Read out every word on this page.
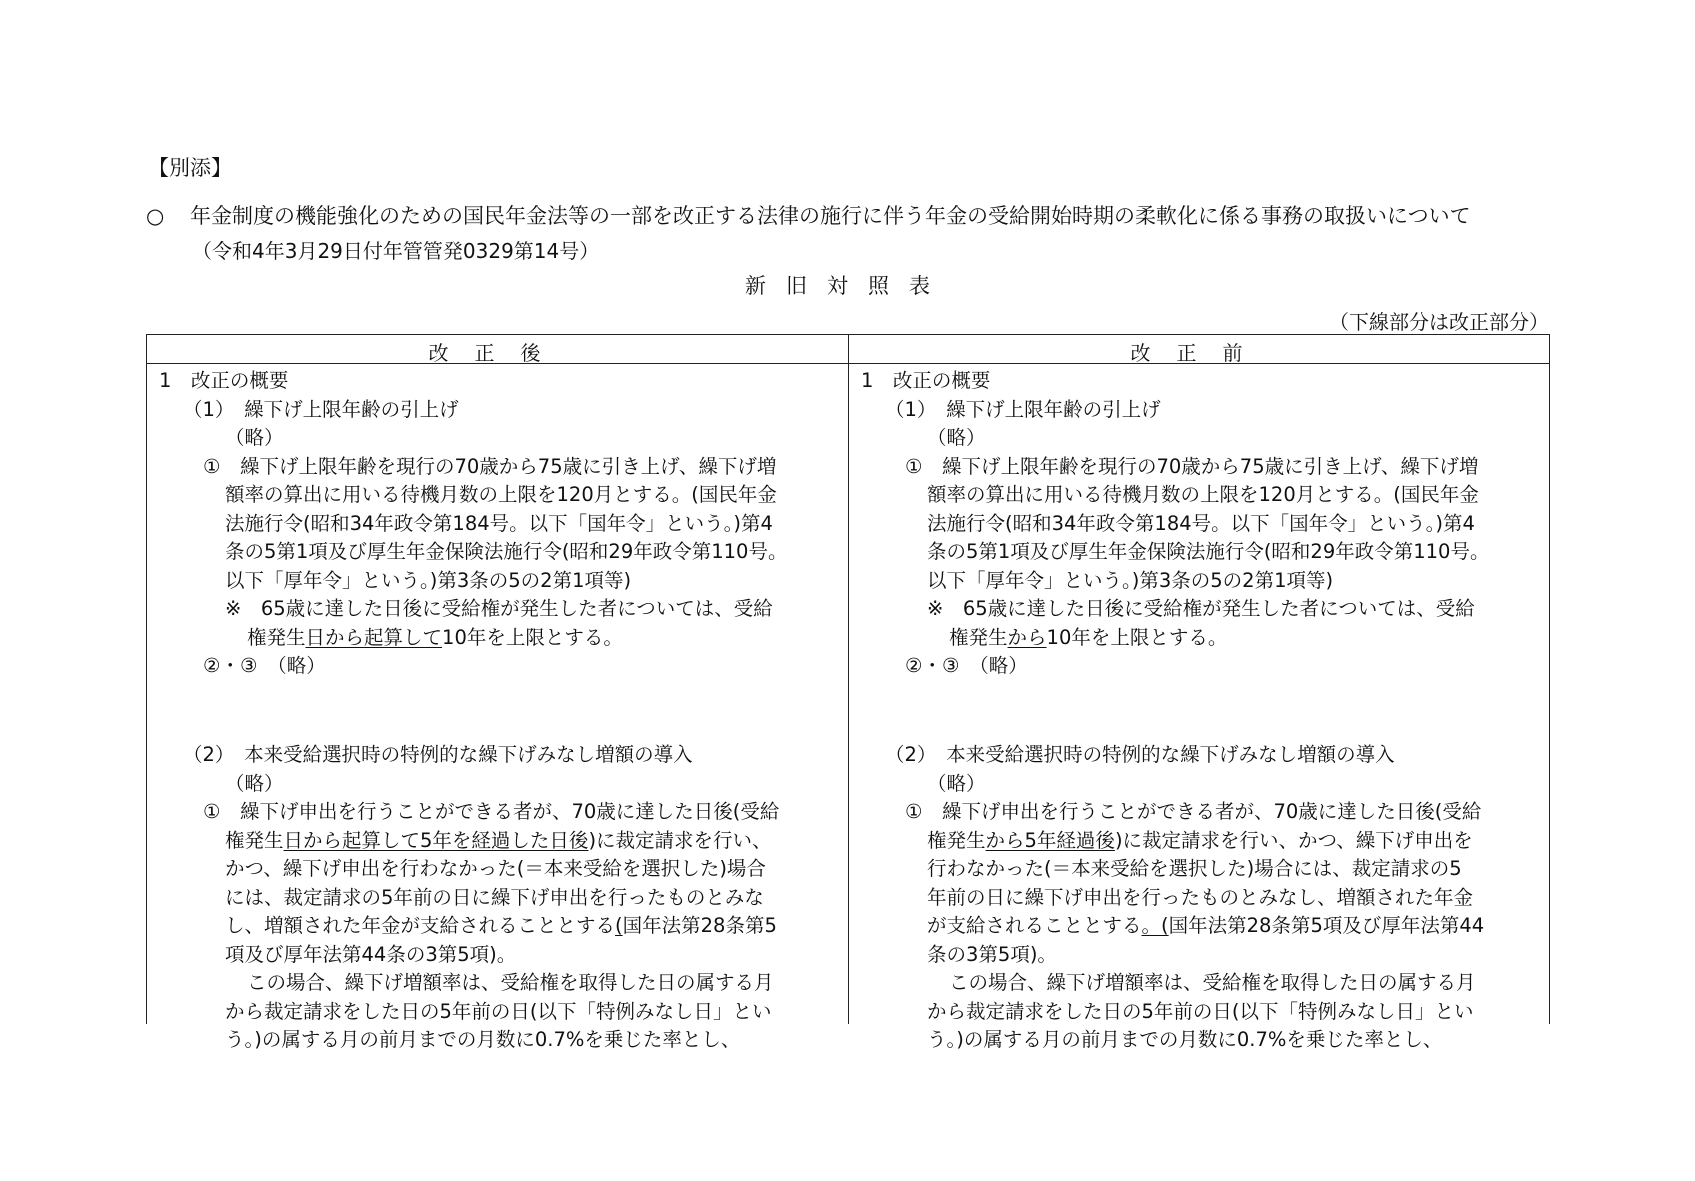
【別添】
○ 年金制度の機能強化のための国民年金法等の一部を改正する法律の施行に伴う年金の受給開始時期の柔軟化に係る事務の取扱いについて
（令和4年3月29日付年管管発0329第14号）
新旧対照表
（下線部分は改正部分）
改正後	改正前
1　改正の概要
（1）　繰下げ上限年齢の引上げ
（略）
①　繰下げ上限年齢を現行の70歳から75歳に引き上げ、繰下げ増
額率の算出に用いる待機月数の上限を120月とする。(国民年金
法施行令(昭和34年政令第184号。以下「国年令」という。)第4
条の5第1項及び厚生年金保険法施行令(昭和29年政令第110号。
以下「厚年令」という。)第3条の5の2第1項等)
※　65歳に達した日後に受給権が発生した者については、受給
権発生日から起算して10年を上限とする。
②・③　（略）
（2）　本来受給選択時の特例的な繰下げみなし増額の導入
（略）
①　繰下げ申出を行うことができる者が、70歳に達した日後(受給
権発生日から起算して5年を経過した日後)に裁定請求を行い、
かつ、繰下げ申出を行わなかった(＝本来受給を選択した)場合
には、裁定請求の5年前の日に繰下げ申出を行ったものとみな
し、増額された年金が支給されることとする(国年法第28条第5
項及び厚年法第44条の3第5項)。
この場合、繰下げ増額率は、受給権を取得した日の属する月
から裁定請求をした日の5年前の日(以下「特例みなし日」とい
う。)の属する月の前月までの月数に0.7%を乗じた率とし、
1　改正の概要
（1）　繰下げ上限年齢の引上げ
（略）
①　繰下げ上限年齢を現行の70歳から75歳に引き上げ、繰下げ増
額率の算出に用いる待機月数の上限を120月とする。(国民年金
法施行令(昭和34年政令第184号。以下「国年令」という。)第4
条の5第1項及び厚生年金保険法施行令(昭和29年政令第110号。
以下「厚年令」という。)第3条の5の2第1項等)
※　65歳に達した日後に受給権が発生した者については、受給
権発生から10年を上限とする。
②・③　（略）
（2）　本来受給選択時の特例的な繰下げみなし増額の導入
（略）
①　繰下げ申出を行うことができる者が、70歳に達した日後(受給
権発生から5年経過後)に裁定請求を行い、かつ、繰下げ申出を
行わなかった(＝本来受給を選択した)場合には、裁定請求の5
年前の日に繰下げ申出を行ったものとみなし、増額された年金
が支給されることとする。(国年法第28条第5項及び厚年法第44
条の3第5項)。
この場合、繰下げ増額率は、受給権を取得した日の属する月
から裁定請求をした日の5年前の日(以下「特例みなし日」とい
う。)の属する月の前月までの月数に0.7%を乗じた率とし、
